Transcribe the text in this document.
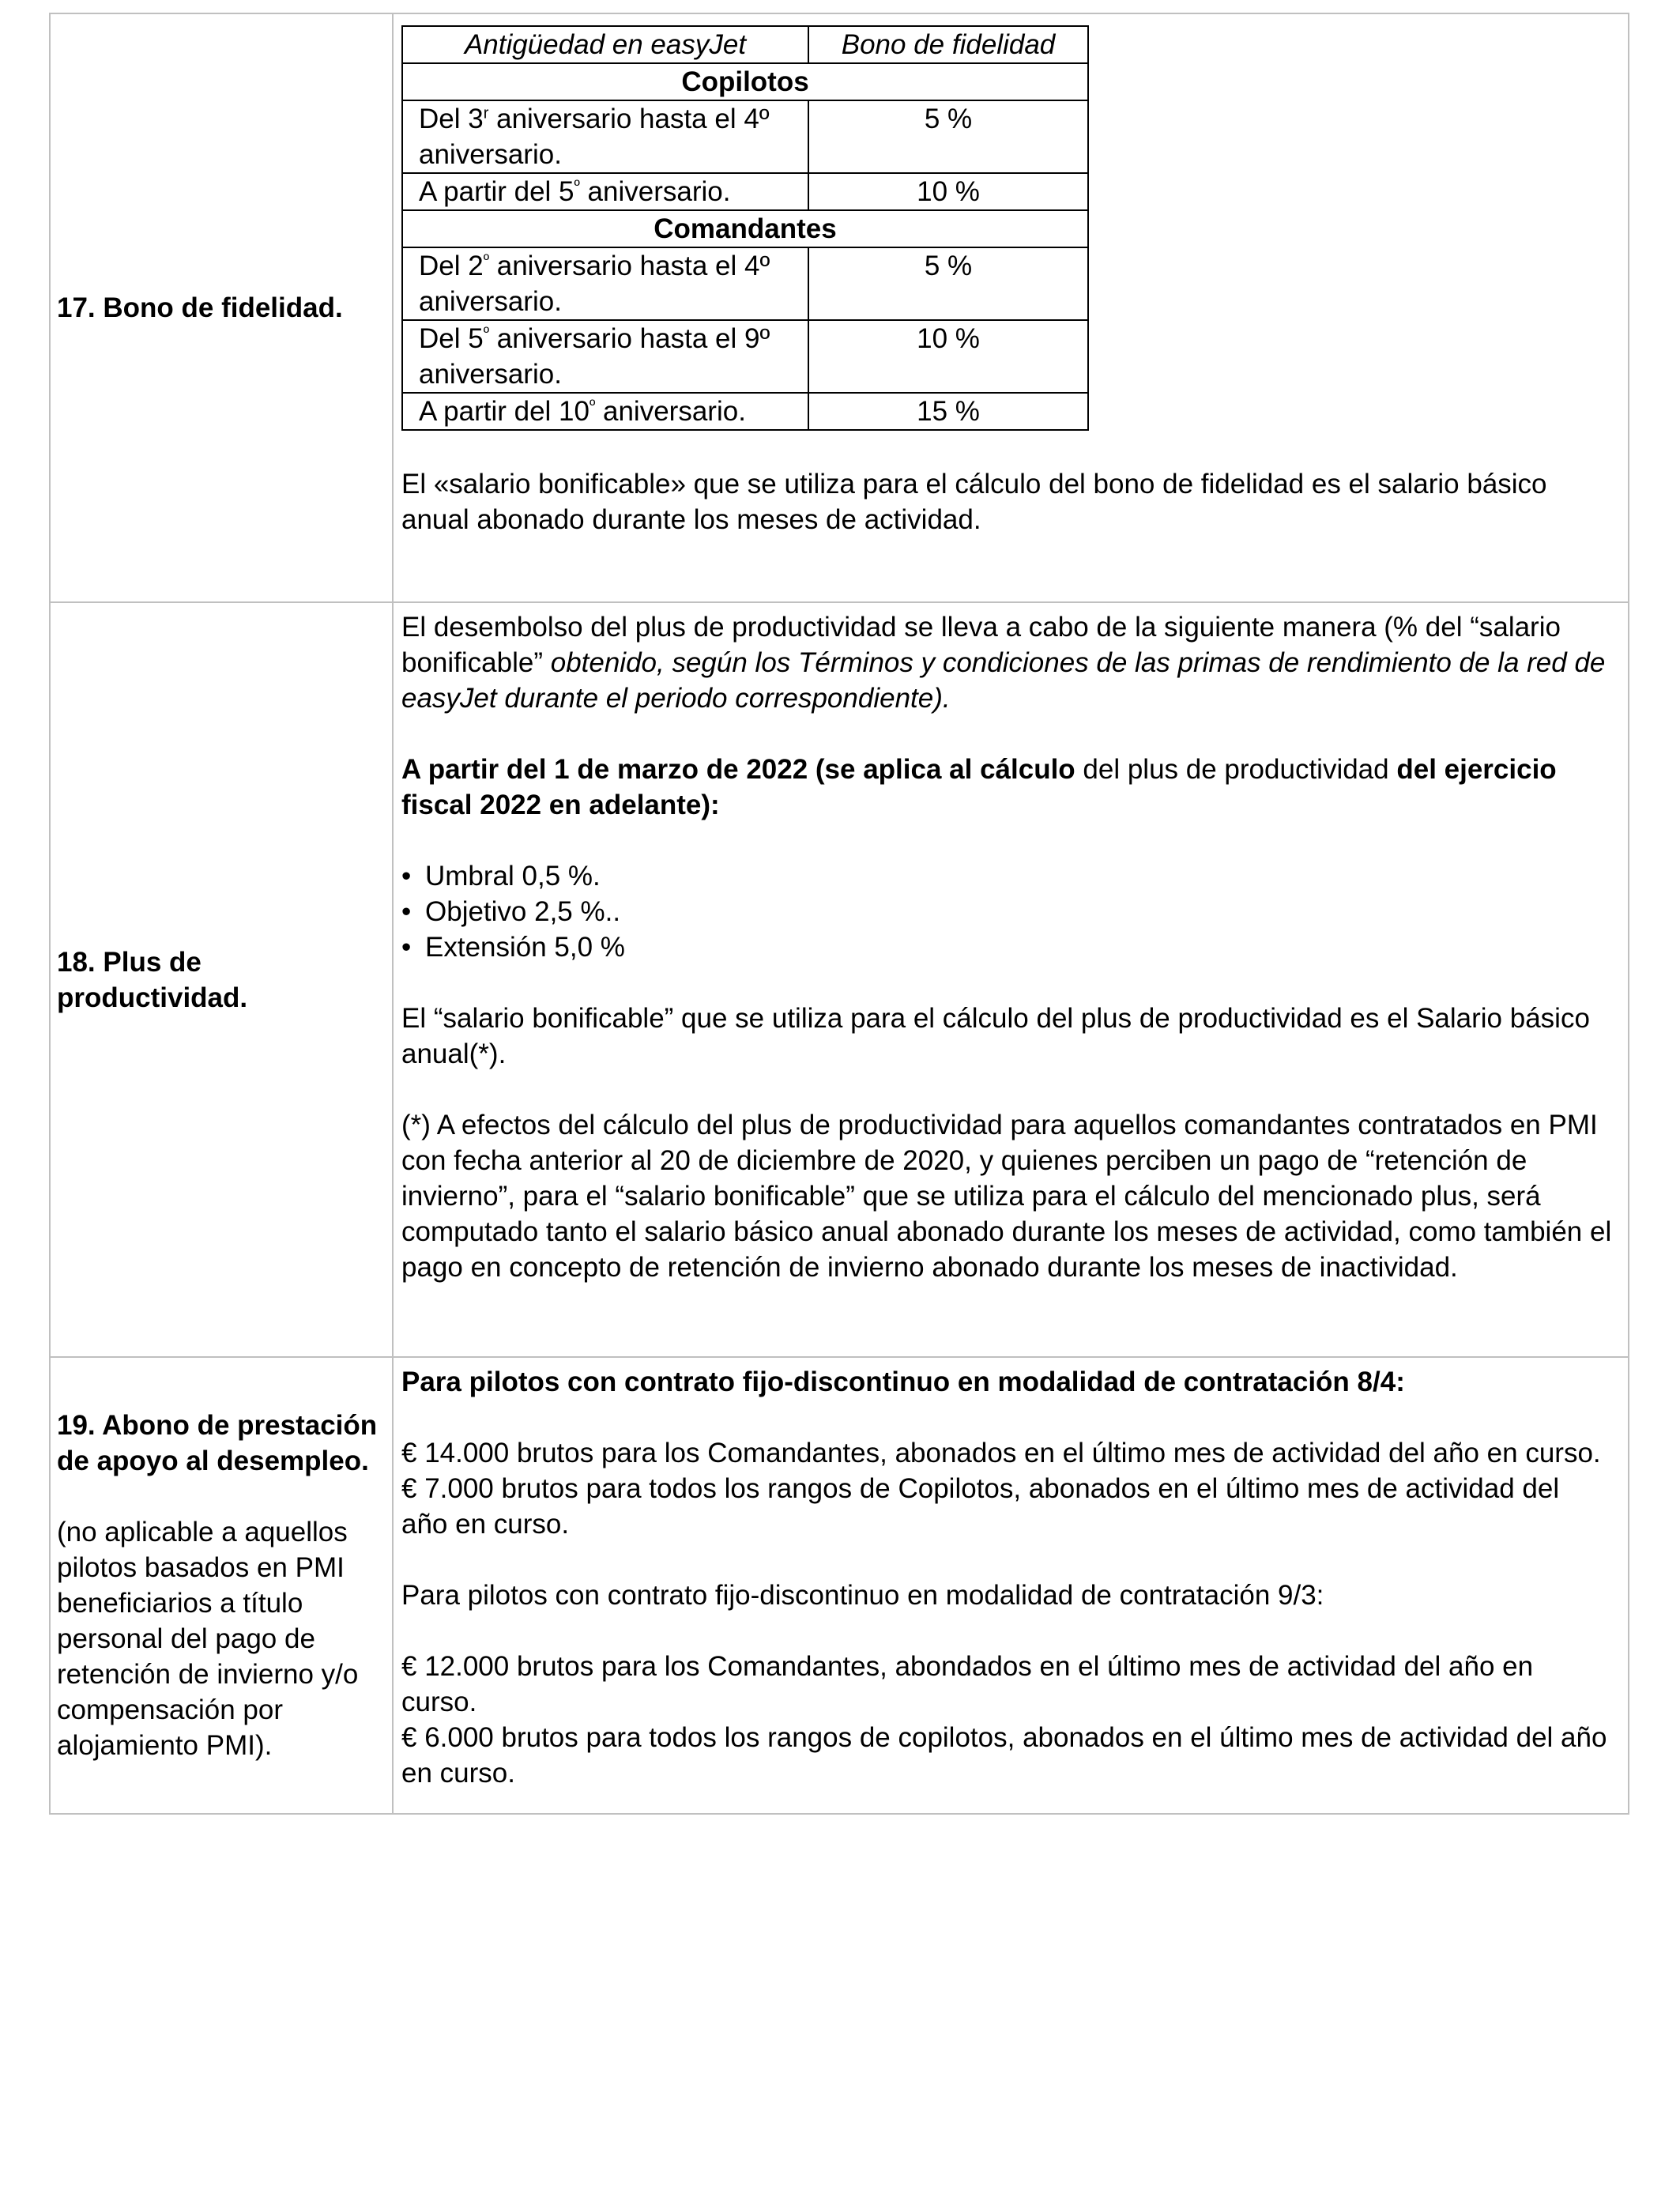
17. Bono de fidelidad.	
Antigüedad en easyJet	Bono de fidelidad
Copilotos
Del 3$^r$ aniversario hasta el 4º aniversario.	5 %
A partir del $5^º$ aniversario.	10 %
Comandantes
Del $2^º$ aniversario hasta el 4º aniversario.	5 %
Del $5^º$ aniversario hasta el 9º aniversario.	10 %
A partir del $10^º$ aniversario.	15 %

El «salario bonificable» que se utiliza para el cálculo del bono de fidelidad es el salario básico anual abonado durante los meses de actividad.

18. Plus de productividad.	

El desembolso del plus de productividad se lleva a cabo de la siguiente manera (% del “salario bonificable” obtenido, según los Términos y condiciones de las primas de rendimiento de la red de easyJet durante el periodo correspondiente).

A partir del 1 de marzo de 2022 (se aplica al cálculo del plus de productividad del ejercicio fiscal 2022 en adelante):

• Umbral 0,5 %.
• Objetivo 2,5 %..
• Extensión 5,0 %

El “salario bonificable” que se utiliza para el cálculo del plus de productividad es el Salario básico anual(*).

(*) A efectos del cálculo del plus de productividad para aquellos comandantes contratados en PMI con fecha anterior al 20 de diciembre de 2020, y quienes perciben un pago de “retención de invierno”, para el “salario bonificable” que se utiliza para el cálculo del mencionado plus, será computado tanto el salario básico anual abonado durante los meses de actividad, como también el pago en concepto de retención de invierno abonado durante los meses de inactividad.

19. Abono de prestación de apoyo al desempleo.

(no aplicable a aquellos pilotos basados en PMI beneficiarios a título personal del pago de retención de invierno y/o compensación por alojamiento PMI).

Para pilotos con contrato fijo-discontinuo en modalidad de contratación 8/4:

€ 14.000 brutos para los Comandantes, abonados en el último mes de actividad del año en curso.

€ 7.000 brutos para todos los rangos de Copilotos, abonados en el último mes de actividad del año en curso.

Para pilotos con contrato fijo-discontinuo en modalidad de contratación 9/3:

€ 12.000 brutos para los Comandantes, abondados en el último mes de actividad del año en curso.

€ 6.000 brutos para todos los rangos de copilotos, abonados en el último mes de actividad del año en curso.
